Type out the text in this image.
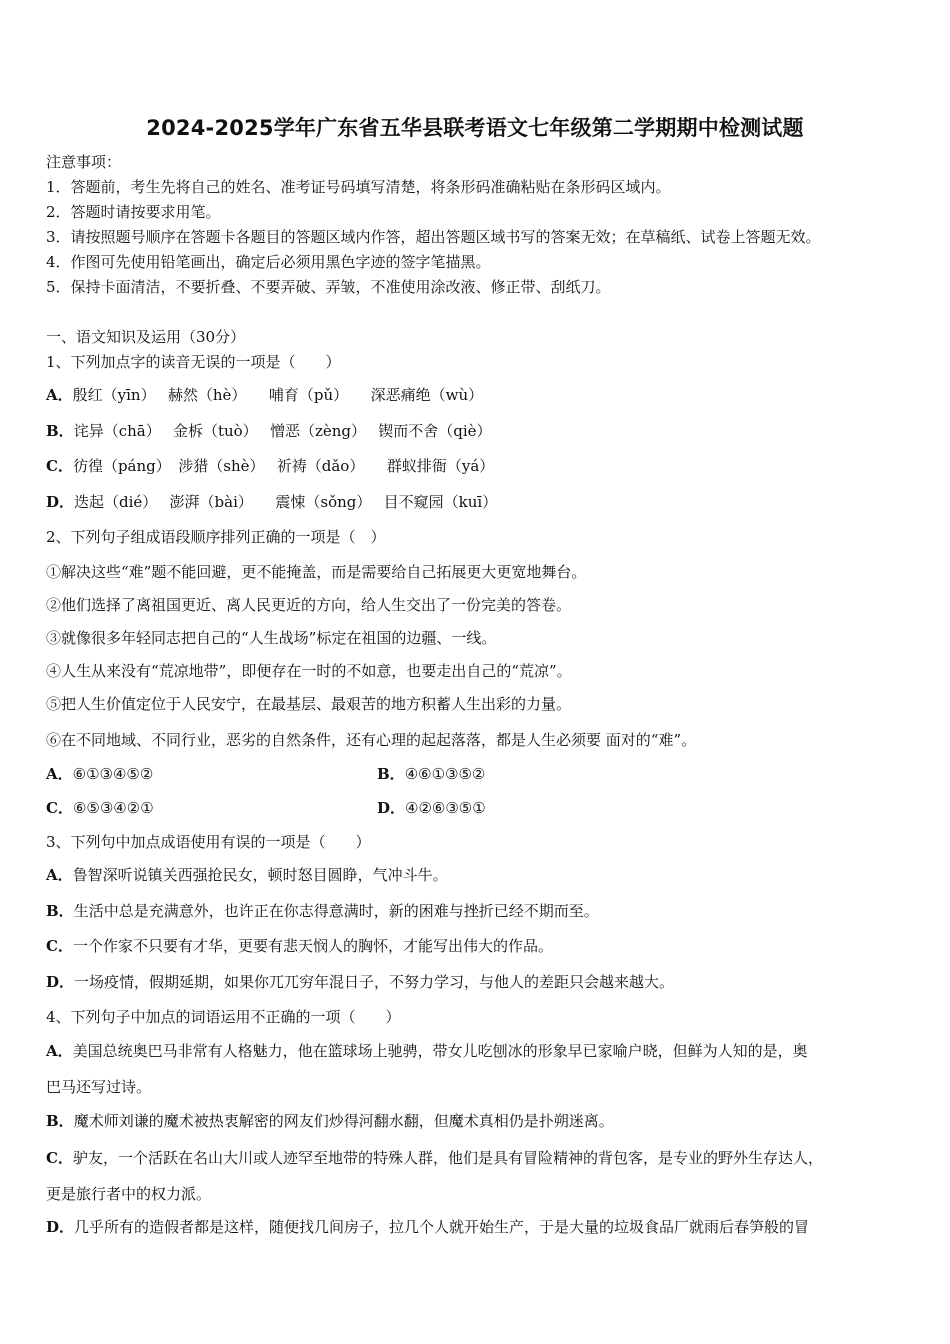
2024-2025学年广东省五华县联考语文七年级第二学期期中检测试题
注意事项：
1．答题前，考生先将自己的姓名、准考证号码填写清楚，将条形码准确粘贴在条形码区域内。
2．答题时请按要求用笔。
3．请按照题号顺序在答题卡各题目的答题区域内作答，超出答题区域书写的答案无效；在草稿纸、试卷上答题无效。
4．作图可先使用铅笔画出，确定后必须用黑色字迹的签字笔描黑。
5．保持卡面清洁，不要折叠、不要弄破、弄皱，不准使用涂改液、修正带、刮纸刀。
一、语文知识及运用（30分）
1、下列加点字的读音无误的一项是（　　）
A．殷红（yīn）　 赫然（hè）　　哺育（pǔ）　　深恶痛绝（wù）
B．诧异（chā）　 金柝（tuò）　 憎恶（zèng）　 锲而不舍（qiè）
C．彷徨（páng）　涉猎（shè）　 祈祷（dǎo）　　群蚁排衙（yá）
D．迭起（dié）　 澎湃（bài）　　震悚（sǒng）　 目不窥园（kuī）
2、下列句子组成语段顺序排列正确的一项是（　）
①解决这些“难”题不能回避，更不能掩盖，而是需要给自己拓展更大更宽地舞台。
②他们选择了离祖国更近、离人民更近的方向，给人生交出了一份完美的答卷。
③就像很多年轻同志把自己的“人生战场”标定在祖国的边疆、一线。
④人生从来没有“荒凉地带”，即便存在一时的不如意，也要走出自己的“荒凉”。
⑤把人生价值定位于人民安宁，在最基层、最艰苦的地方积蓄人生出彩的力量。
⑥在不同地域、不同行业，恶劣的自然条件，还有心理的起起落落，都是人生必须要 面对的“难”。
A．⑥①③④⑤②	B．④⑥①③⑤②
C．⑥⑤③④②①	D．④②⑥③⑤①
3、下列句中加点成语使用有误的一项是（　　）
A．鲁智深听说镇关西强抢民女，顿时怒目圆睁，气冲斗牛。
B．生活中总是充满意外，也许正在你志得意满时，新的困难与挫折已经不期而至。
C．一个作家不只要有才华，更要有悲天悯人的胸怀，才能写出伟大的作品。
D．一场疫情，假期延期，如果你兀兀穷年混日子，不努力学习，与他人的差距只会越来越大。
4、下列句子中加点的词语运用不正确的一项（　　）
A．美国总统奥巴马非常有人格魅力，他在篮球场上驰骋，带女儿吃刨冰的形象早已家喻户晓，但鲜为人知的是，奥
巴马还写过诗。
B．魔术师刘谦的魔术被热衷解密的网友们炒得河翻水翻，但魔术真相仍是扑朔迷离。
C．驴友，一个活跃在名山大川或人迹罕至地带的特殊人群，他们是具有冒险精神的背包客，是专业的野外生存达人，
更是旅行者中的权力派。
D．几乎所有的造假者都是这样，随便找几间房子，拉几个人就开始生产，于是大量的垃圾食品厂就雨后春笋般的冒
